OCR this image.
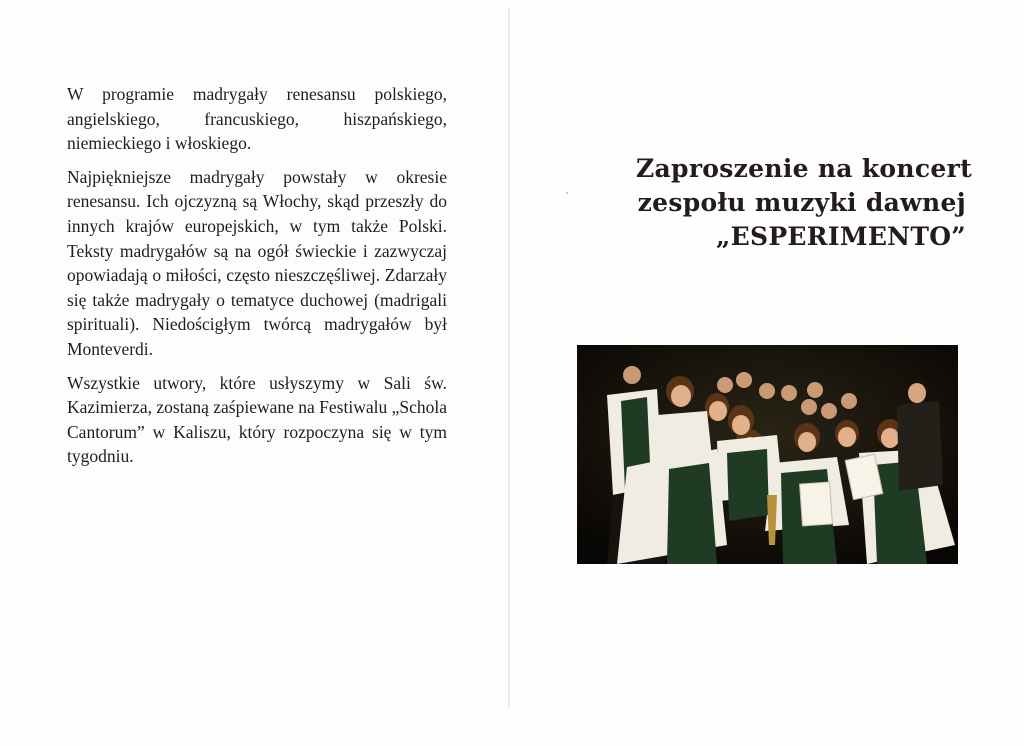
W programie madrygały renesansu polskiego, angielskiego, francuskiego, hiszpańskiego, niemieckiego i włoskiego.

Najpiękniejsze madrygały powstały w okresie renesansu. Ich ojczyzną są Włochy, skąd przeszły do innych krajów europejskich, w tym także Polski. Teksty madrygałów są na ogół świeckie i zazwyczaj opowiadają o miłości, często nieszczęśliwej. Zdarzały się także madrygały o tematyce duchowej (madrigali spirituali). Niedościgłym twórcą madrygałów był Monteverdi.

Wszystkie utwory, które usłyszymy w Sali św. Kazimierza, zostaną zaśpiewane na Festiwalu „Schola Cantorum” w Kaliszu, który rozpoczyna się w tym tygodniu.

Zaproszenie na koncert
zespołu muzyki dawnej
„ESPERIMENTO”
